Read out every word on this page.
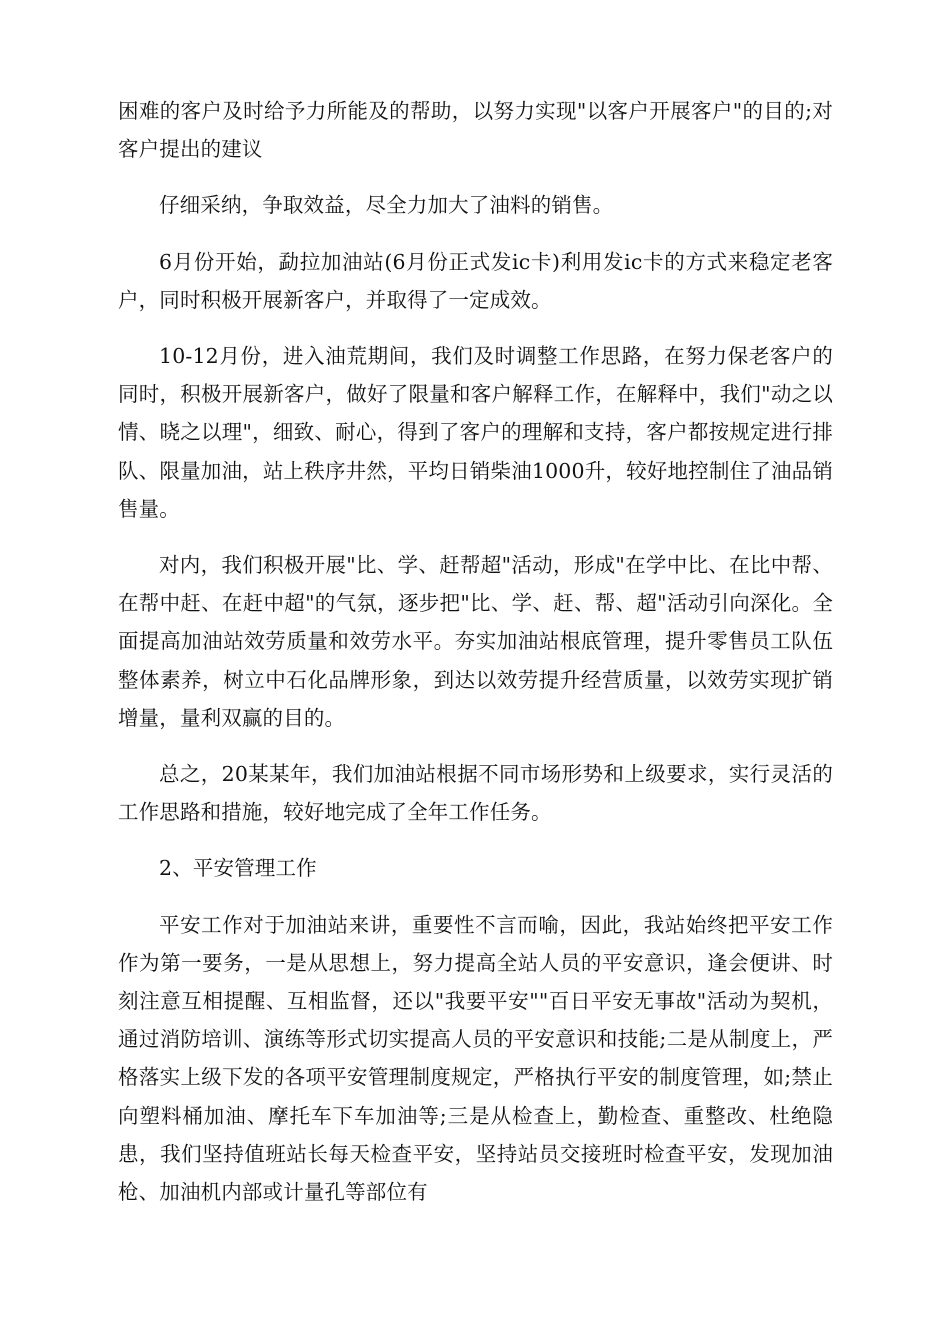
困难的客户及时给予力所能及的帮助，以努力实现"以客户开展客户"的目的;对客户提出的建议

仔细采纳，争取效益，尽全力加大了油料的销售。

6月份开始，勐拉加油站(6月份正式发ic卡)利用发ic卡的方式来稳定老客户，同时积极开展新客户，并取得了一定成效。

10-12月份，进入油荒期间，我们及时调整工作思路，在努力保老客户的同时，积极开展新客户，做好了限量和客户解释工作，在解释中，我们"动之以情、晓之以理"，细致、耐心，得到了客户的理解和支持，客户都按规定进行排队、限量加油，站上秩序井然，平均日销柴油1000升，较好地控制住了油品销售量。

对内，我们积极开展"比、学、赶帮超"活动，形成"在学中比、在比中帮、在帮中赶、在赶中超"的气氛，逐步把"比、学、赶、帮、超"活动引向深化。全面提高加油站效劳质量和效劳水平。夯实加油站根底管理，提升零售员工队伍整体素养，树立中石化品牌形象，到达以效劳提升经营质量，以效劳实现扩销增量，量利双赢的目的。

总之，20某某年，我们加油站根据不同市场形势和上级要求，实行灵活的工作思路和措施，较好地完成了全年工作任务。

2、平安管理工作

平安工作对于加油站来讲，重要性不言而喻，因此，我站始终把平安工作作为第一要务，一是从思想上，努力提高全站人员的平安意识，逢会便讲、时刻注意互相提醒、互相监督，还以"我要平安""百日平安无事故"活动为契机，通过消防培训、演练等形式切实提高人员的平安意识和技能;二是从制度上，严格落实上级下发的各项平安管理制度规定，严格执行平安的制度管理，如;禁止向塑料桶加油、摩托车下车加油等;三是从检查上，勤检查、重整改、杜绝隐患，我们坚持值班站长每天检查平安，坚持站员交接班时检查平安，发现加油枪、加油机内部或计量孔等部位有
